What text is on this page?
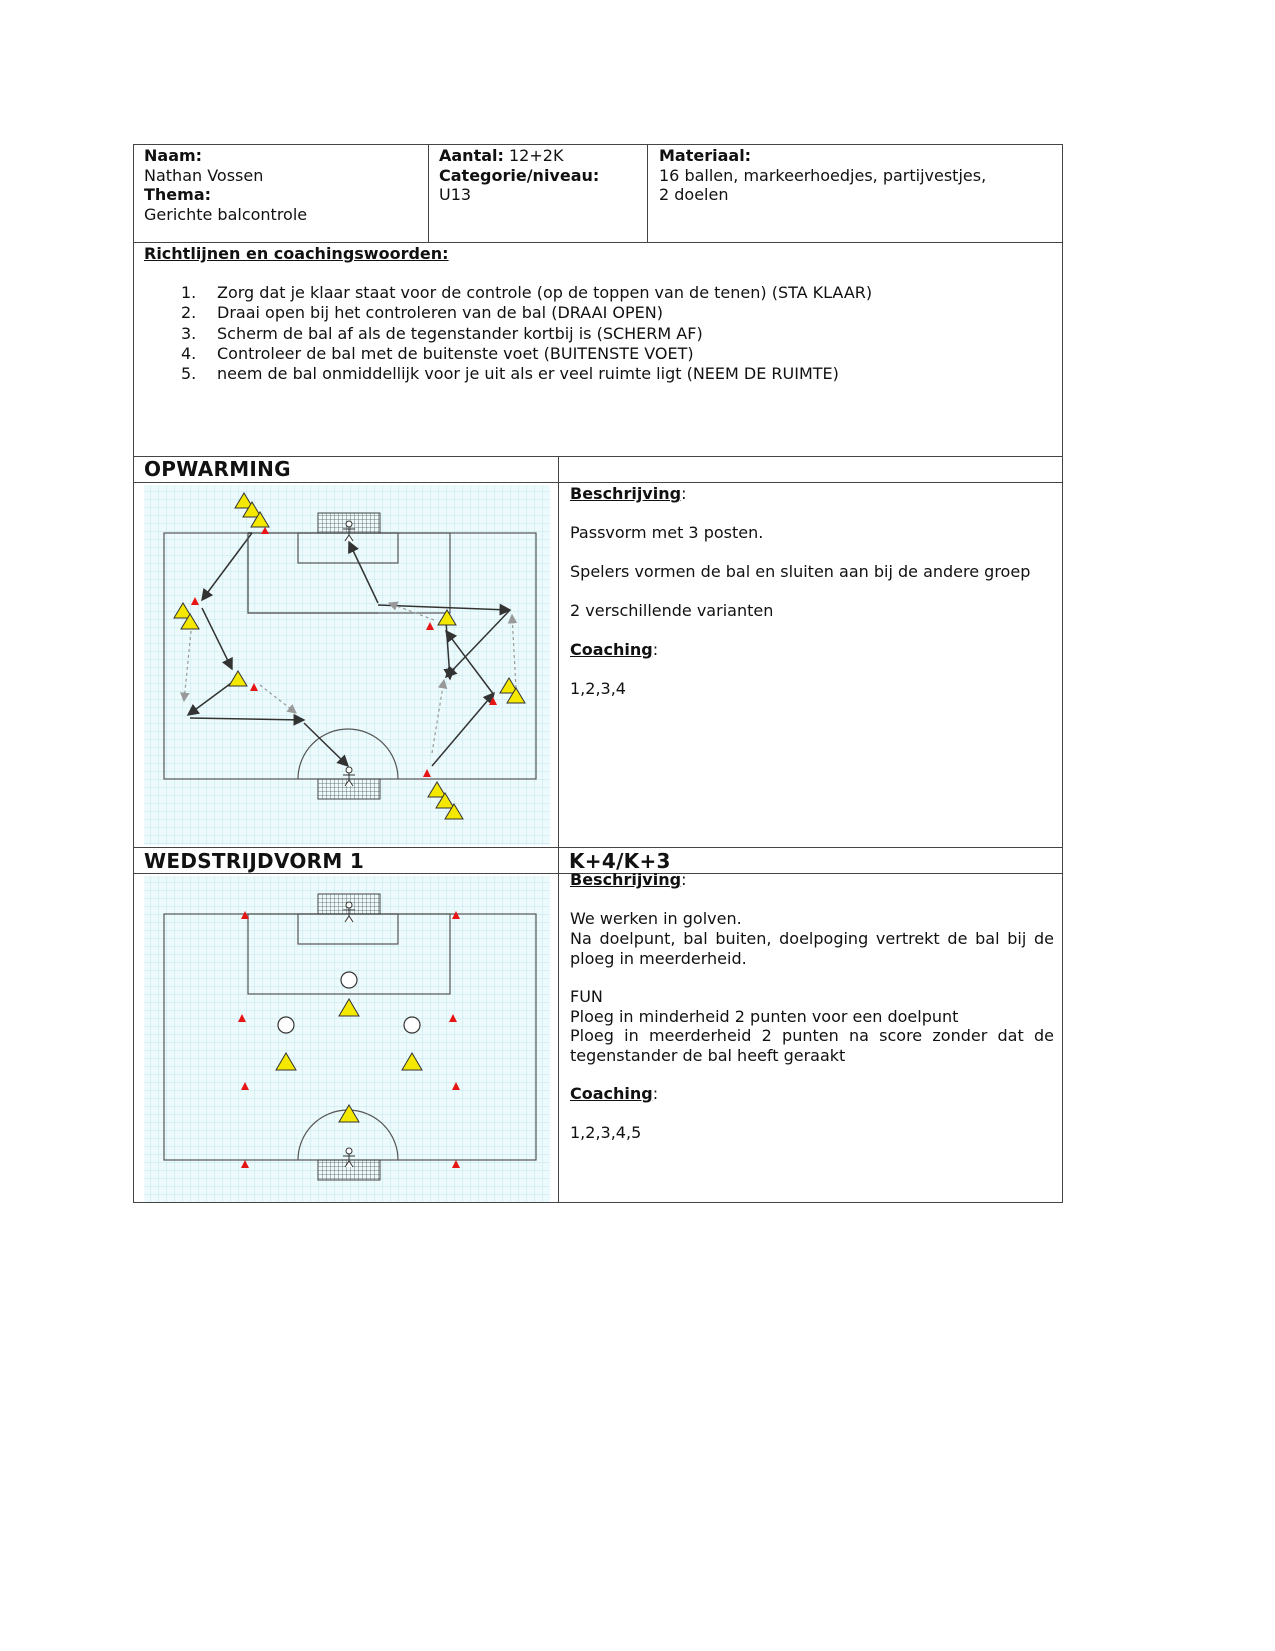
Naam:
Nathan Vossen
Thema:
Gerichte balcontrole
Aantal: 12+2K
Categorie/niveau:
U13
Materiaal:
16 ballen, markeerhoedjes, partijvestjes,
2 doelen
Richtlijnen en coachingswoorden:
1.	Zorg dat je klaar staat voor de controle (op de toppen van de tenen) (STA KLAAR)
2.	Draai open bij het controleren van de bal (DRAAI OPEN)
3.	Scherm de bal af als de tegenstander kortbij is (SCHERM AF)
4.	Controleer de bal met de buitenste voet (BUITENSTE VOET)
5.	neem de bal onmiddellijk voor je uit als er veel ruimte ligt (NEEM DE RUIMTE)
OPWARMING

Beschrijving:

Passvorm met 3 posten.

Spelers vormen de bal en sluiten aan bij de andere groep

2 verschillende varianten

Coaching:

1,2,3,4

WEDSTRIJDVORM 1	K+4/K+3

Beschrijving:

We werken in golven.

Na doelpunt, bal buiten, doelpoging vertrekt de bal bij de ploeg in meerderheid.

FUN

Ploeg in minderheid 2 punten voor een doelpunt

Ploeg in meerderheid 2 punten na score zonder dat de tegenstander de bal heeft geraakt

Coaching:

1,2,3,4,5
